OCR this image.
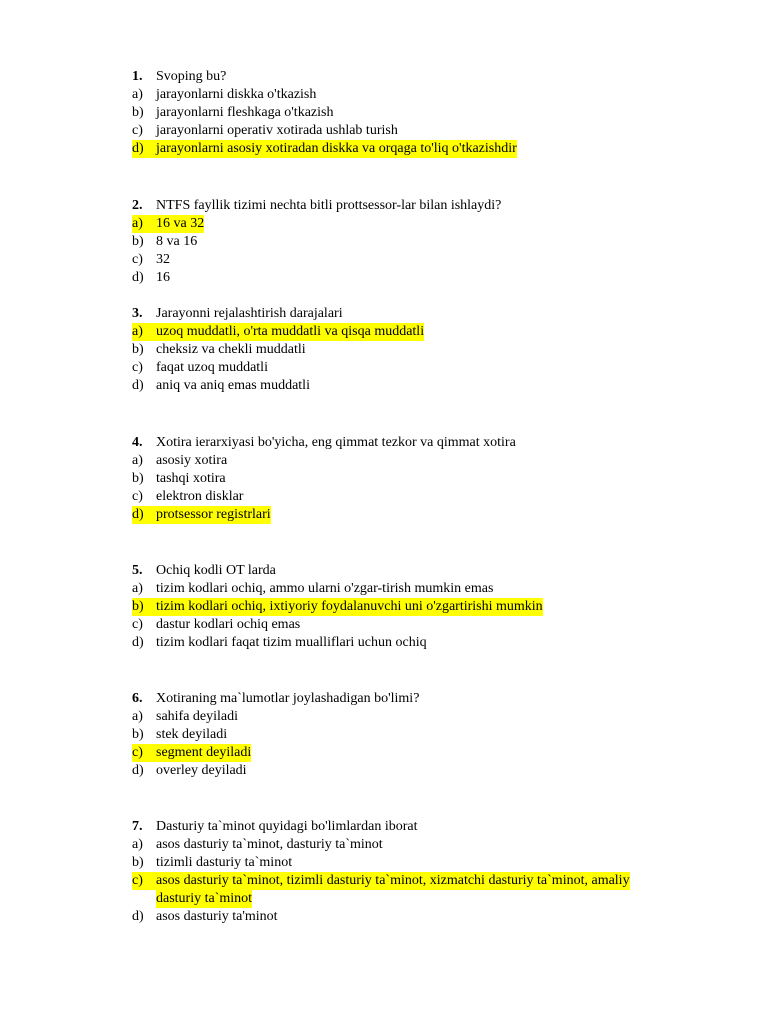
1. Svoping bu?
a) jarayonlarni diskka o'tkazish
b) jarayonlarni fleshkaga o'tkazish
c) jarayonlarni operativ xotirada ushlab turish
d) jarayonlarni asosiy xotiradan diskka va orqaga to'liq o'tkazishdir
2. NTFS fayllik tizimi nechta bitli prottsessor-lar bilan ishlaydi?
a) 16 va 32
b) 8 va 16
c) 32
d) 16
3. Jarayonni rejalashtirish darajalari
a) uzoq muddatli, o'rta muddatli va qisqa muddatli
b) cheksiz va chekli muddatli
c) faqat uzoq muddatli
d) aniq va aniq emas muddatli
4. Xotira ierarxiyasi bo'yicha, eng qimmat tezkor va qimmat xotira
a) asosiy xotira
b) tashqi xotira
c) elektron disklar
d) protsessor registrlari
5. Ochiq kodli OT larda
a) tizim kodlari ochiq, ammo ularni o'zgar-tirish mumkin emas
b) tizim kodlari ochiq, ixtiyoriy foydalanuvchi uni o'zgartirishi mumkin
c) dastur kodlari ochiq emas
d) tizim kodlari faqat tizim mualliflari uchun ochiq
6. Xotiraning ma`lumotlar joylashadigan bo'limi?
a) sahifa deyiladi
b) stek deyiladi
c) segment deyiladi
d) overley deyiladi
7. Dasturiy ta`minot quyidagi bo'limlardan iborat
a) asos dasturiy ta`minot, dasturiy ta`minot
b) tizimli dasturiy ta`minot
c) asos dasturiy ta`minot, tizimli dasturiy ta`minot, xizmatchi dasturiy ta`minot, amaliy
dasturiy ta`minot
d) asos dasturiy ta'minot
